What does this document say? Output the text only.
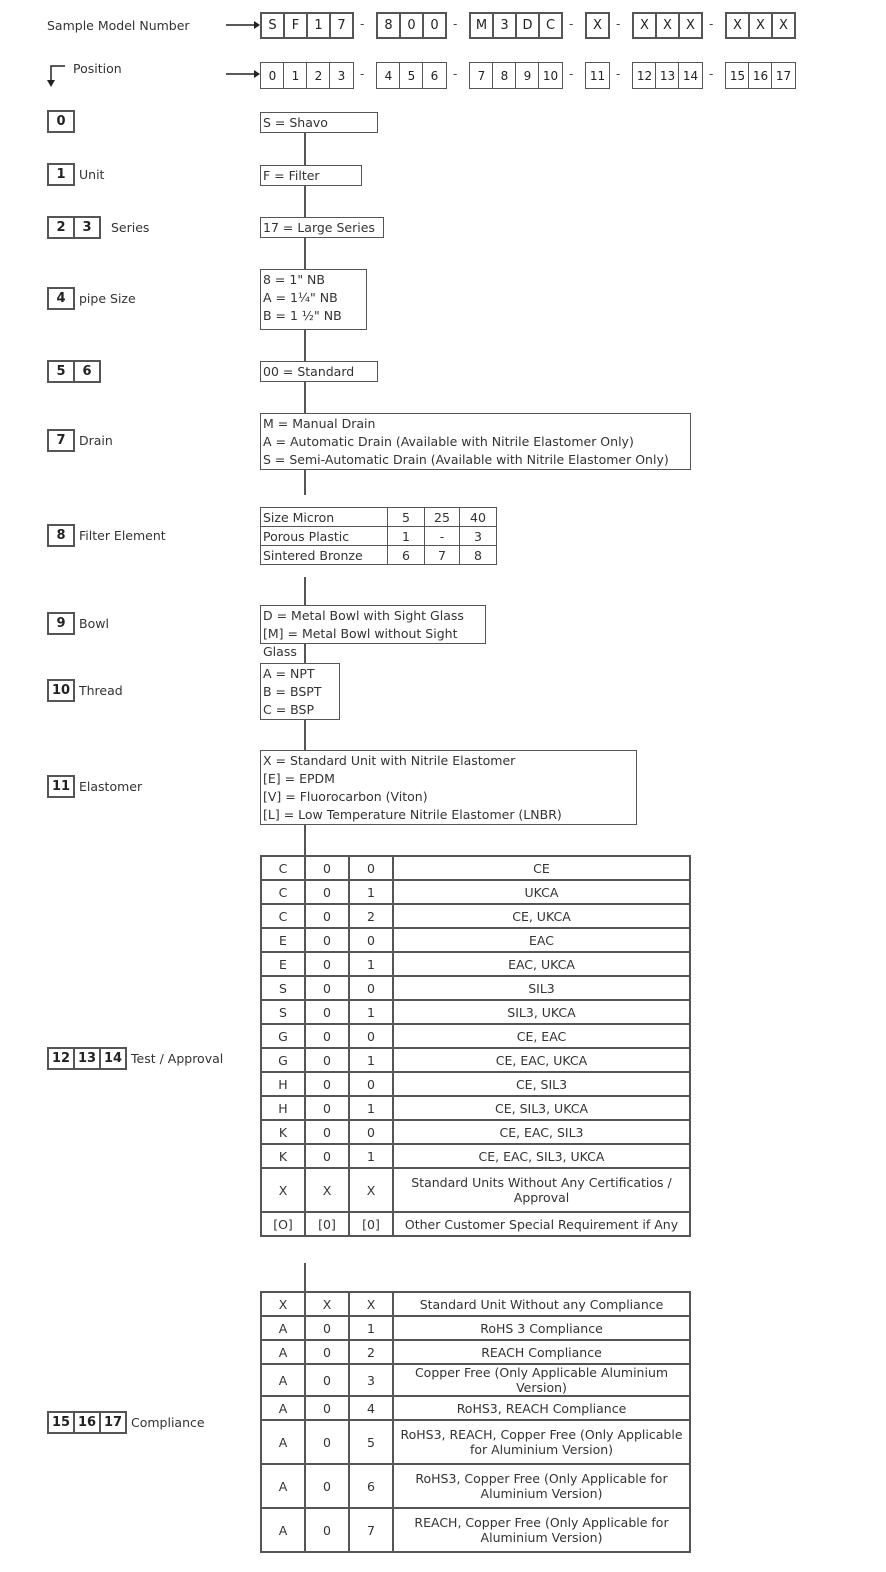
Sample Model Number
Position
S	F	1	7	-	8	0	0	-	M	3	D	C	-	X	-	X	X	X	-	X	X	X
0	1	2	3	-	4	5	6	-	7	8	9 10 -	11 -	12 13 14 -	15 16 17
0
1	Unit
2	3	Series
4	pipe Size
5	6
7	Drain
8	Filter Element
9	Bowl
10 Thread
11 Elastomer
12 13 14 Test / Approval
15 16 17 Compliance
S = Shavo
F = Filter
17 = Large Series
8 = 1" NB
A = 1¼" NB
B = 1 ½" NB
00 = Standard
M = Manual Drain
A = Automatic Drain (Available with Nitrile Elastomer Only)
S = Semi-Automatic Drain (Available with Nitrile Elastomer Only)
Size Micron	5	25	40
Porous Plastic	1	-	3
Sintered Bronze	6	7	8
D = Metal Bowl with Sight Glass
[M] = Metal Bowl without Sight Glass
A = NPT
B = BSPT
C = BSP
X = Standard Unit with Nitrile Elastomer
[E] = EPDM
[V] = Fluorocarbon (Viton)
[L] = Low Temperature Nitrile Elastomer (LNBR)
C	0	0	CE
C	0	1	UKCA
C	0	2	CE, UKCA
E	0	0	EAC
E	0	1	EAC, UKCA
S	0	0	SIL3
S	0	1	SIL3, UKCA
G	0	0	CE, EAC
G	0	1	CE, EAC, UKCA
H	0	0	CE, SIL3
H	0	1	CE, SIL3, UKCA
K	0	0	CE, EAC, SIL3
K	0	1	CE, EAC, SIL3, UKCA
X	X	X	Standard Units Without Any Certificatios / Approval
[O]	[0]	[0]	Other Customer Special Requirement if Any
X	X	X	Standard Unit Without any Compliance
A	0	1	RoHS 3 Compliance
A	0	2	REACH Compliance
A	0	3	Copper Free (Only Applicable Aluminium Version)
A	0	4	RoHS3, REACH Compliance
A	0	5	RoHS3, REACH, Copper Free (Only Applicable for Aluminium Version)
A	0	6	RoHS3, Copper Free (Only Applicable for Aluminium Version)
A	0	7	REACH, Copper Free (Only Applicable for Aluminium Version)
